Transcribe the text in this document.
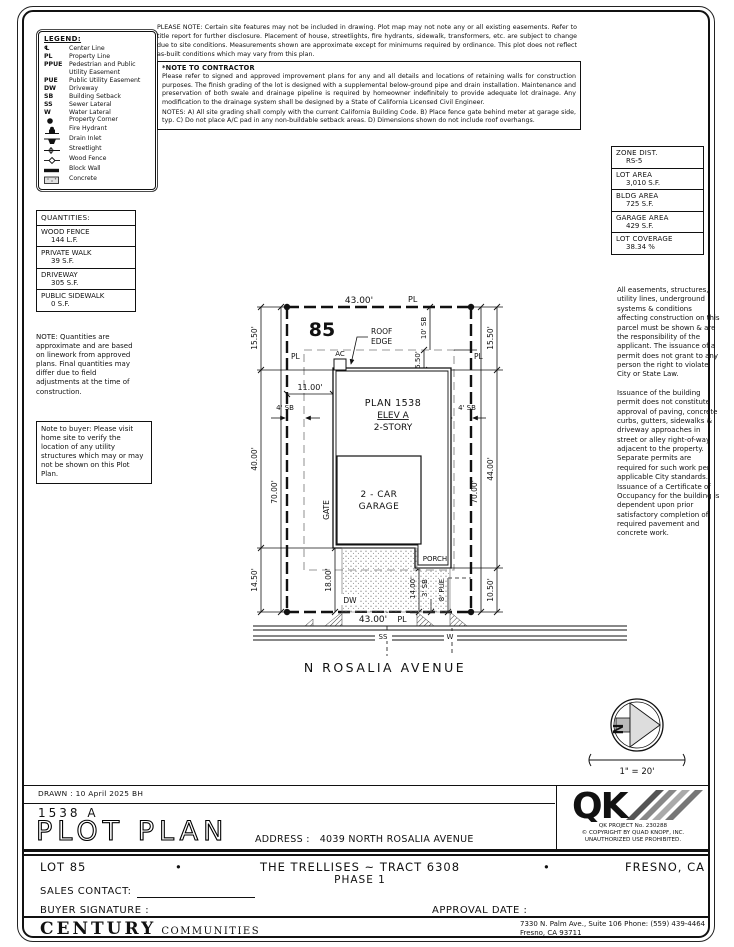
LEGEND:
℄	Center Line
PL	Property Line
PPUE	Pedestrian and Public Utility Easement
PUE	Public Utility Easement
DW	Driveway
SB	Building Setback
SS	Sewer Lateral
W	Water Lateral
Property Corner
Fire Hydrant
Drain Inlet
Streetlight
Wood Fence
Block Wall
Concrete
PLEASE NOTE: Certain site features may not be included in drawing. Plot map may not note any or all existing easements. Refer to title report for further disclosure. Placement of house, streetlights, fire hydrants, sidewalk, transformers, etc. are subject to change due to site conditions. Measurements shown are approximate except for minimums required by ordinance. This plot does not reflect as-built conditions which may vary from this plan.
*NOTE TO CONTRACTOR

Please refer to signed and approved improvement plans for any and all details and locations of retaining walls for construction purposes. The finish grading of the lot is designed with a supplemental below-ground pipe and drain installation. Maintenance and preservation of both swale and drainage pipeline is required by homeowner indefinitely to provide adequate lot drainage. Any modification to the drainage system shall be designed by a State of California Licensed Civil Engineer.

NOTES: A) All site grading shall comply with the current California Building Code. B) Place fence gate behind meter at garage side, typ. C) Do not place A/C pad in any non-buildable setback areas. D) Dimensions shown do not include roof overhangs.

ZONE DIST.
RS-5
LOT AREA
3,010 S.F.
BLDG AREA
725 S.F.
GARAGE AREA
429 S.F.
LOT COVERAGE
38.34 %

All easements, structures, utility lines, underground systems & conditions affecting construction on this parcel must be shown & are the responsibility of the applicant. The issuance of a permit does not grant to any person the right to violate City or State Law.

Issuance of the building permit does not constitute approval of paving, concrete curbs, gutters, sidewalks & driveway approaches in street or alley right-of-way adjacent to the property. Separate permits are required for such work per applicable City standards. Issuance of a Certificate of Occupancy for the building is dependent upon prior satisfactory completion of required pavement and concrete work.

QUANTITIES:
WOOD FENCE
144 L.F.
PRIVATE WALK
39 S.F.
DRIVEWAY
305 S.F.
PUBLIC SIDEWALK
0 S.F.
NOTE: Quantities are approximate and are based on linework from approved plans. Final quantities may differ due to field adjustments at the time of construction.
Note to buyer: Please visit home site to verify the location of any utility structures which may or may not be shown on this Plot Plan.
85
43.00'	PL
PL	PL
ROOF
EDGE
AC
PLAN 1538
ELEV A
2-STORY
2 - CAR
GARAGE
PORCH
DW
43.00' PL
SS	W
N ROSALIA AVENUE
11.00'
4' SB	4' SB
15.50'
40.00'
14.50'
70.00'
15.50'
44.00'
10.50'
70.00'
10' SB
5.50'
GATE
18.00'	14.00' 3' SB 8' PUE
N
1" = 20'
DRAWN : 10 April 2025 BH
1538 A
PLOT PLAN	ADDRESS : 4039 NORTH ROSALIA AVENUE
QK
QK PROJECT No. 230288
© COPYRIGHT BY QUAD KNOPF, INC.
UNAUTHORIZED USE PROHIBITED.
LOT 85	•	THE TRELLISES ~ TRACT 6308
PHASE 1
•	FRESNO, CA
SALES CONTACT:
BUYER SIGNATURE :	APPROVAL DATE :
CENTURY COMMUNITIES
7330 N. Palm Ave., Suite 106 Phone: (559) 439-4464
Fresno, CA 93711
